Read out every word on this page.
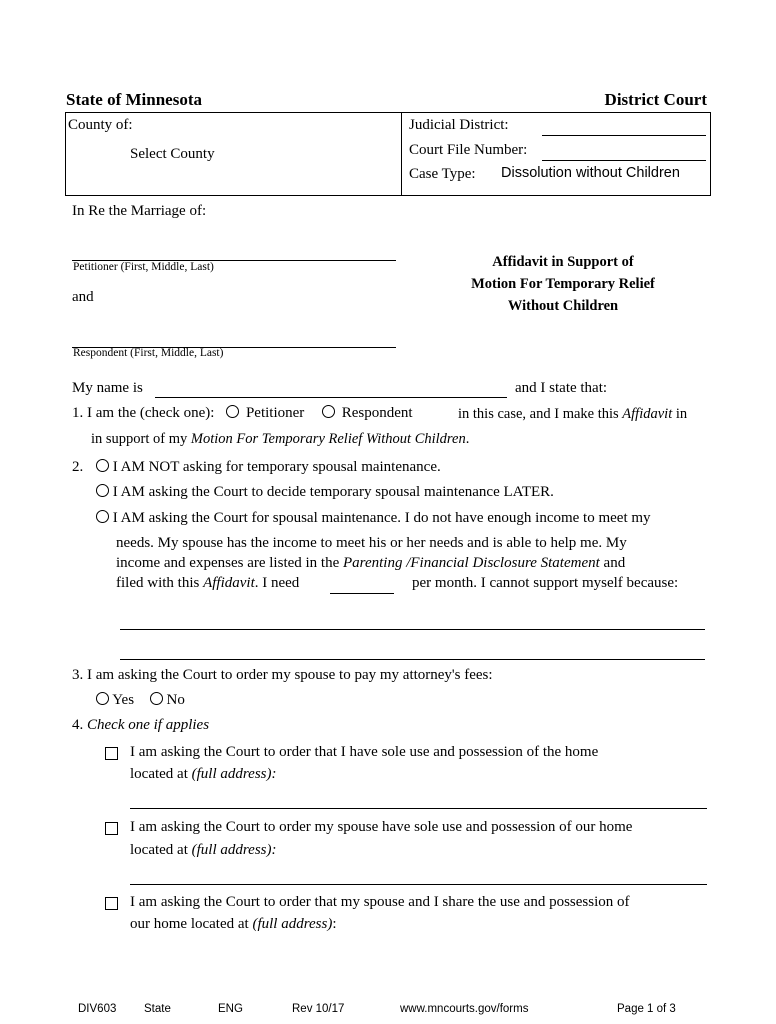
State of Minnesota	District Court
County of:
Select County
Judicial District:
Court File Number:
Case Type: Dissolution without Children
In Re the Marriage of:
Petitioner (First, Middle, Last)
and
Respondent (First, Middle, Last)
Affidavit in Support of
Motion For Temporary Relief
Without Children
My name is	and I state that:
1. I am the (check one): Petitioner	Respondent	in this case, and I make this Affidavit in
in support of my Motion For Temporary Relief Without Children.
2.	I AM NOT asking for temporary spousal maintenance.
I AM asking the Court to decide temporary spousal maintenance LATER.
I AM asking the Court for spousal maintenance. I do not have enough income to meet my
needs. My spouse has the income to meet his or her needs and is able to help me. My
income and expenses are listed in the Parenting /Financial Disclosure Statement and
filed with this Affidavit. I need	per month. I cannot support myself because:
3. I am asking the Court to order my spouse to pay my attorney's fees:
Yes No
4. Check one if applies
I am asking the Court to order that I have sole use and possession of the home
located at (full address):
I am asking the Court to order my spouse have sole use and possession of our home
located at (full address):
I am asking the Court to order that my spouse and I share the use and possession of
our home located at (full address):
DIV603 State	ENG	Rev 10/17	www.mncourts.gov/forms	Page 1 of 3
